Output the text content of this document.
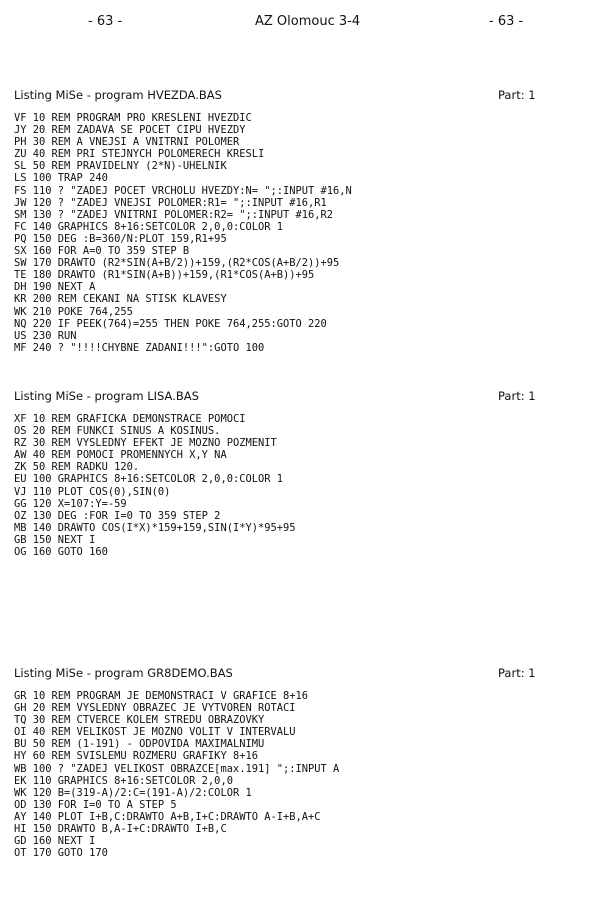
- 63 -	AZ Olomouc 3-4	- 63 -
Listing MiSe - program HVEZDA.BAS	Part: 1
VF 10 REM PROGRAM PRO KRESLENI HVEZDIC
JY 20 REM ZADAVA SE POCET CIPU HVEZDY
PH 30 REM A VNEJSI A VNITRNI POLOMER
ZU 40 REM PRI STEJNYCH POLOMERECH KRESLI
SL 50 REM PRAVIDELNY (2*N)-UHELNIK
LS 100 TRAP 240
FS 110 ? "ZADEJ POCET VRCHOLU HVEZDY:N= ";:INPUT #16,N
JW 120 ? "ZADEJ VNEJSI POLOMER:R1= ";:INPUT #16,R1
SM 130 ? "ZADEJ VNITRNI POLOMER:R2= ";:INPUT #16,R2
FC 140 GRAPHICS 8+16:SETCOLOR 2,0,0:COLOR 1
PQ 150 DEG :B=360/N:PLOT 159,R1+95
SX 160 FOR A=0 TO 359 STEP B
SW 170 DRAWTO (R2*SIN(A+B/2))+159,(R2*COS(A+B/2))+95
TE 180 DRAWTO (R1*SIN(A+B))+159,(R1*COS(A+B))+95
DH 190 NEXT A
KR 200 REM CEKANI NA STISK KLAVESY
WK 210 POKE 764,255
NQ 220 IF PEEK(764)=255 THEN POKE 764,255:GOTO 220
US 230 RUN
MF 240 ? "!!!!CHYBNE ZADANI!!!":GOTO 100
Listing MiSe - program LISA.BAS	Part: 1
XF 10 REM GRAFICKA DEMONSTRACE POMOCI
OS 20 REM FUNKCI SINUS A KOSINUS.
RZ 30 REM VYSLEDNY EFEKT JE MOZNO POZMENIT
AW 40 REM POMOCI PROMENNYCH X,Y NA
ZK 50 REM RADKU 120.
EU 100 GRAPHICS 8+16:SETCOLOR 2,0,0:COLOR 1
VJ 110 PLOT COS(0),SIN(0)
GG 120 X=107:Y=-59
OZ 130 DEG :FOR I=0 TO 359 STEP 2
MB 140 DRAWTO COS(I*X)*159+159,SIN(I*Y)*95+95
GB 150 NEXT I
OG 160 GOTO 160
Listing MiSe - program GR8DEMO.BAS	Part: 1
GR 10 REM PROGRAM JE DEMONSTRACI V GRAFICE 8+16
GH 20 REM VYSLEDNY OBRAZEC JE VYTVOREN ROTACI
TQ 30 REM CTVERCE KOLEM STREDU OBRAZOVKY
OI 40 REM VELIKOST JE MOZNO VOLIT V INTERVALU
BU 50 REM (1-191) - ODPOVIDA MAXIMALNIMU
HY 60 REM SVISLEMU ROZMERU GRAFIKY 8+16
WB 100 ? "ZADEJ VELIKOST OBRAZCE[max.191] ";:INPUT A
EK 110 GRAPHICS 8+16:SETCOLOR 2,0,0
WK 120 B=(319-A)/2:C=(191-A)/2:COLOR 1
OD 130 FOR I=0 TO A STEP 5
AY 140 PLOT I+B,C:DRAWTO A+B,I+C:DRAWTO A-I+B,A+C
HI 150 DRAWTO B,A-I+C:DRAWTO I+B,C
GD 160 NEXT I
OT 170 GOTO 170
